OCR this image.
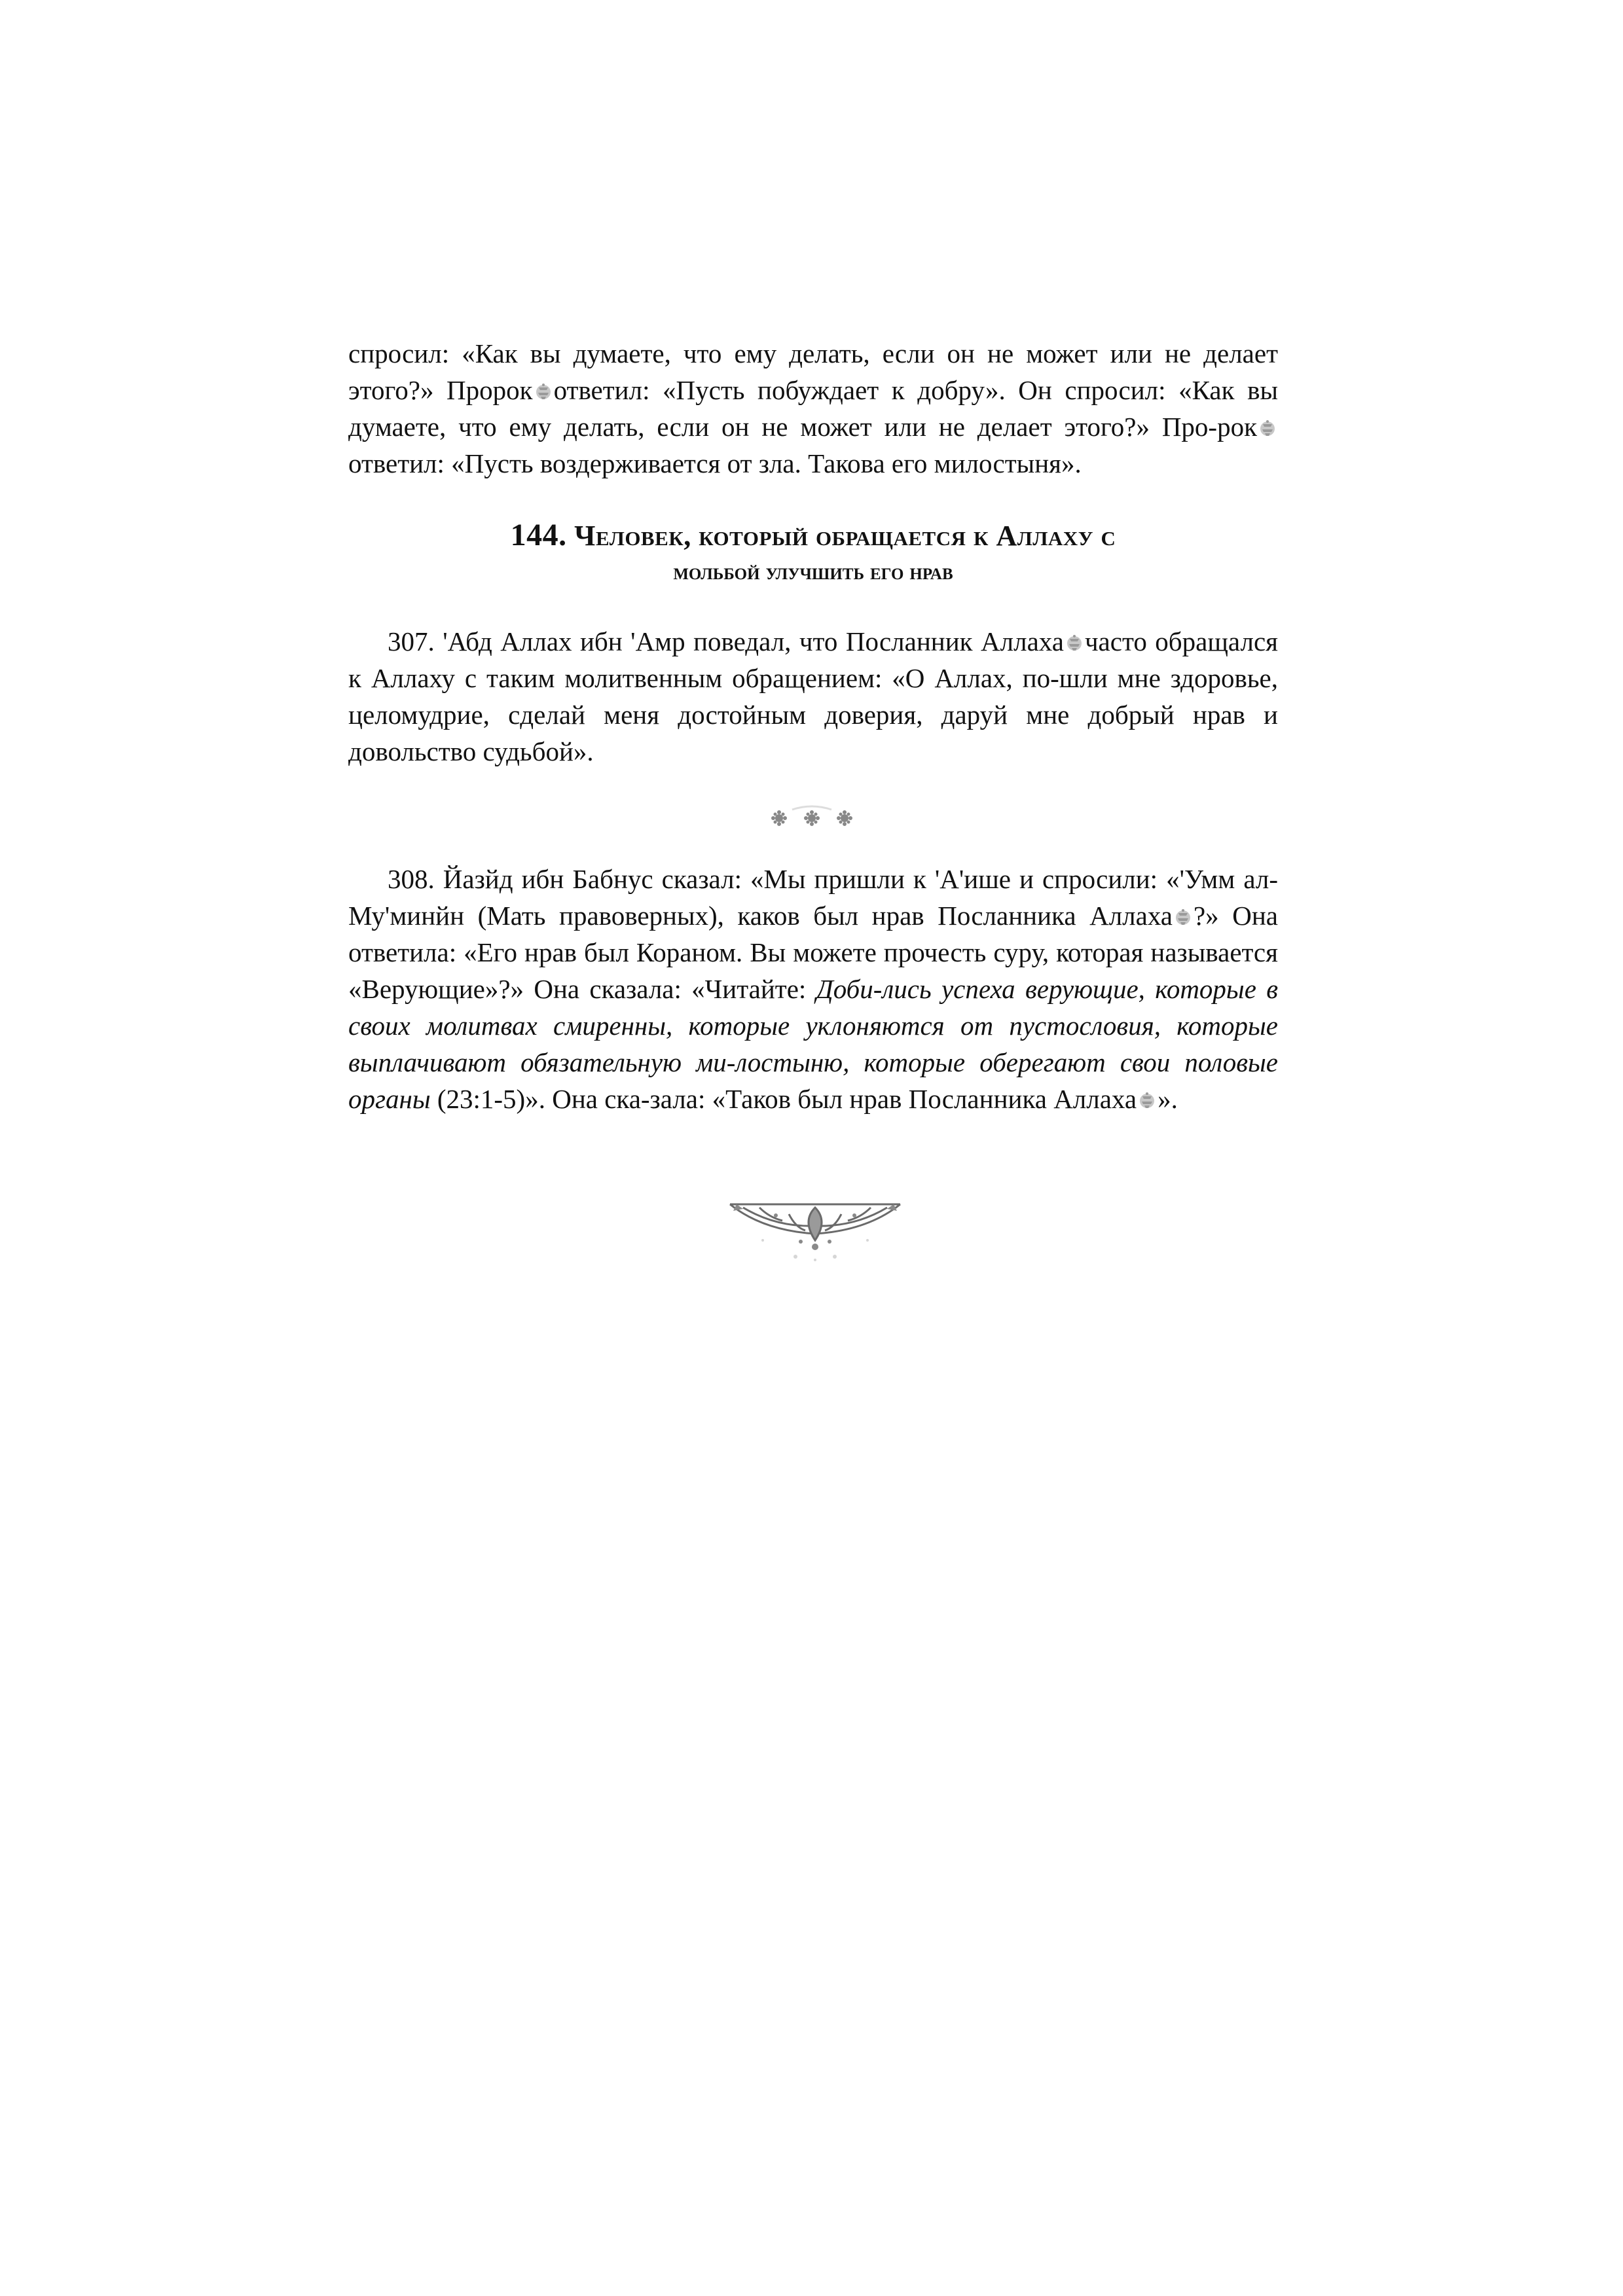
спросил: «Как вы думаете, что ему делать, если он не может или не делает этого?» Пророк ответил: «Пусть побуждает к добру». Он спросил: «Как вы думаете, что ему делать, если он не может или не делает этого?» Про-рок
ответил: «Пусть воздерживается от зла. Такова его милостыня».

144. Человек, который обращается к Аллаху с
мольбой улучшить его нрав

307. 'Абд Аллах ибн 'Амр поведал, что Посланник Аллаха часто обращался к Аллаху с таким молитвенным обращением: «О Аллах, по-шли мне здоровье, целомудрие, сделай меня достойным доверия, даруй мне добрый нрав и довольство судьбой».

308. Йазйд ибн Бабнус сказал: «Мы пришли к 'А'ише и спросили: «'Умм ал-Му'минйн (Мать правоверных), каков был нрав Посланника Аллаха ?» Она ответила: «Его нрав был Кораном. Вы можете прочесть суру, которая называется «Верующие»?» Она сказала: «Читайте: Доби-лись успеха верующие, которые в своих молитвах смиренны, которые уклоняются от пустословия, которые выплачивают обязательную ми-лостыню, которые оберегают свои половые органы (23:1-5)». Она ска-зала: «Таков был нрав Посланника Аллаха ».
